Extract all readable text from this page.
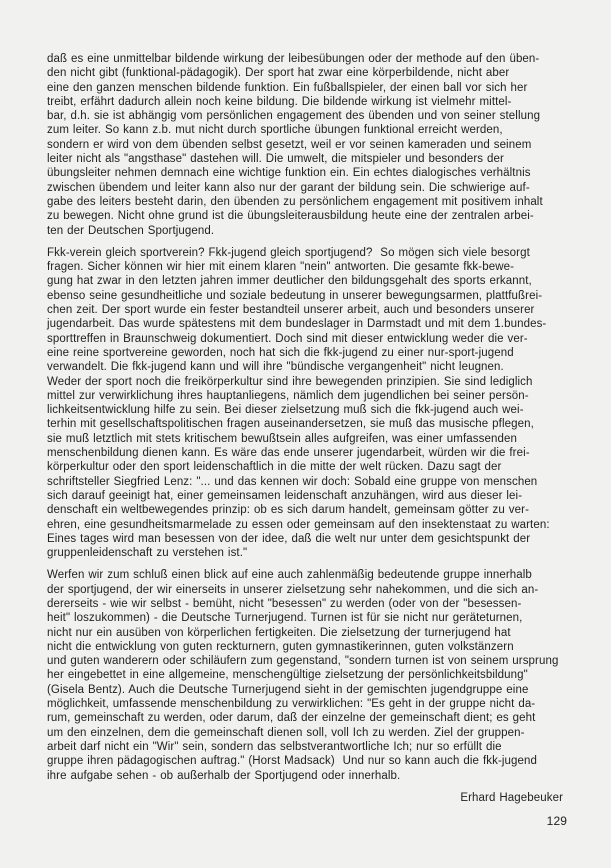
daß es eine unmittelbar bildende wirkung der leibesübungen oder der methode auf den üben-
den nicht gibt (funktional-pädagogik). Der sport hat zwar eine körperbildende, nicht aber
eine den ganzen menschen bildende funktion. Ein fußballspieler, der einen ball vor sich her
treibt, erfährt dadurch allein noch keine bildung. Die bildende wirkung ist vielmehr mittel-
bar, d.h. sie ist abhängig vom persönlichen engagement des übenden und von seiner stellung
zum leiter. So kann z.b. mut nicht durch sportliche übungen funktional erreicht werden,
sondern er wird von dem übenden selbst gesetzt, weil er vor seinen kameraden und seinem
leiter nicht als "angsthase" dastehen will. Die umwelt, die mitspieler und besonders der
übungsleiter nehmen demnach eine wichtige funktion ein. Ein echtes dialogisches verhältnis
zwischen übendem und leiter kann also nur der garant der bildung sein. Die schwierige auf-
gabe des leiters besteht darin, den übenden zu persönlichem engagement mit positivem inhalt
zu bewegen. Nicht ohne grund ist die übungsleiterausbildung heute eine der zentralen arbei-
ten der Deutschen Sportjugend.
Fkk-verein gleich sportverein? Fkk-jugend gleich sportjugend?  So mögen sich viele besorgt
fragen. Sicher können wir hier mit einem klaren "nein" antworten. Die gesamte fkk-bewe-
gung hat zwar in den letzten jahren immer deutlicher den bildungsgehalt des sports erkannt,
ebenso seine gesundheitliche und soziale bedeutung in unserer bewegungsarmen, plattfußrei-
chen zeit. Der sport wurde ein fester bestandteil unserer arbeit, auch und besonders unserer
jugendarbeit. Das wurde spätestens mit dem bundeslager in Darmstadt und mit dem 1.bundes-
sporttreffen in Braunschweig dokumentiert. Doch sind mit dieser entwicklung weder die ver-
eine reine sportvereine geworden, noch hat sich die fkk-jugend zu einer nur-sport-jugend
verwandelt. Die fkk-jugend kann und will ihre "bündische vergangenheit" nicht leugnen.
Weder der sport noch die freikörperkultur sind ihre bewegenden prinzipien. Sie sind lediglich
mittel zur verwirklichung ihres hauptanliegens, nämlich dem jugendlichen bei seiner persön-
lichkeitsentwicklung hilfe zu sein. Bei dieser zielsetzung muß sich die fkk-jugend auch wei-
terhin mit gesellschaftspolitischen fragen auseinandersetzen, sie muß das musische pflegen,
sie muß letztlich mit stets kritischem bewußtsein alles aufgreifen, was einer umfassenden
menschenbildung dienen kann. Es wäre das ende unserer jugendarbeit, würden wir die frei-
körperkultur oder den sport leidenschaftlich in die mitte der welt rücken. Dazu sagt der
schriftsteller Siegfried Lenz: "... und das kennen wir doch: Sobald eine gruppe von menschen
sich darauf geeinigt hat, einer gemeinsamen leidenschaft anzuhängen, wird aus dieser lei-
denschaft ein weltbewegendes prinzip: ob es sich darum handelt, gemeinsam götter zu ver-
ehren, eine gesundheitsmarmelade zu essen oder gemeinsam auf den insektenstaat zu warten:
Eines tages wird man besessen von der idee, daß die welt nur unter dem gesichtspunkt der
gruppenleidenschaft zu verstehen ist."
Werfen wir zum schluß einen blick auf eine auch zahlenmäßig bedeutende gruppe innerhalb
der sportjugend, der wir einerseits in unserer zielsetzung sehr nahekommen, und die sich an-
dererseits - wie wir selbst - bemüht, nicht "besessen" zu werden (oder von der "besessen-
heit" loszukommen) - die Deutsche Turnerjugend. Turnen ist für sie nicht nur geräteturnen,
nicht nur ein ausüben von körperlichen fertigkeiten. Die zielsetzung der turnerjugend hat
nicht die entwicklung von guten reckturnern, guten gymnastikerinnen, guten volkstänzern
und guten wanderern oder schiläufern zum gegenstand, "sondern turnen ist von seinem ursprung
her eingebettet in eine allgemeine, menschengültige zielsetzung der persönlichkeitsbildung"
(Gisela Bentz). Auch die Deutsche Turnerjugend sieht in der gemischten jugendgruppe eine
möglichkeit, umfassende menschenbildung zu verwirklichen: "Es geht in der gruppe nicht da-
rum, gemeinschaft zu werden, oder darum, daß der einzelne der gemeinschaft dient; es geht
um den einzelnen, dem die gemeinschaft dienen soll, voll Ich zu werden. Ziel der gruppen-
arbeit darf nicht ein "Wir" sein, sondern das selbstverantwortliche Ich; nur so erfüllt die
gruppe ihren pädagogischen auftrag." (Horst Madsack)  Und nur so kann auch die fkk-jugend
ihre aufgabe sehen - ob außerhalb der Sportjugend oder innerhalb.
Erhard Hagebeuker
129
